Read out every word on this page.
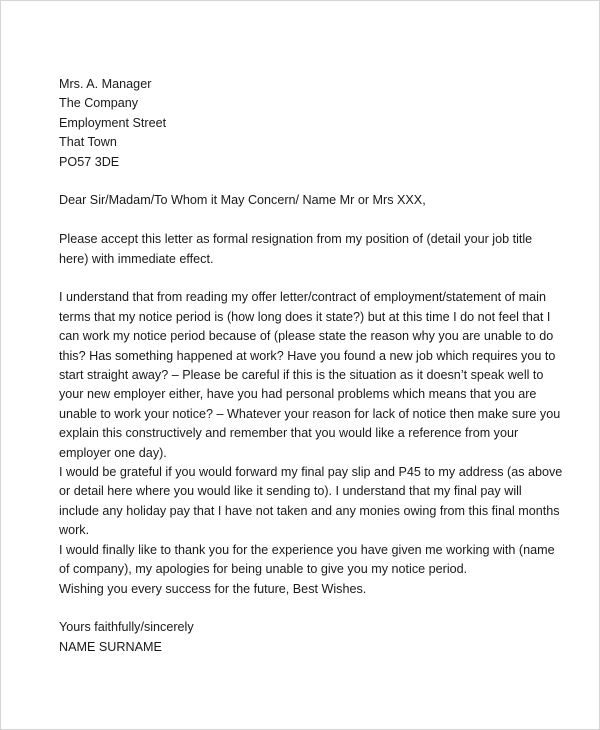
Mrs. A. Manager
The Company
Employment Street
That Town
PO57 3DE
Dear Sir/Madam/To Whom it May Concern/ Name Mr or Mrs XXX,
Please accept this letter as formal resignation from my position of (detail your job title
here) with immediate effect.
I understand that from reading my offer letter/contract of employment/statement of main
terms that my notice period is (how long does it state?) but at this time I do not feel that I
can work my notice period because of (please state the reason why you are unable to do
this? Has something happened at work? Have you found a new job which requires you to
start straight away? – Please be careful if this is the situation as it doesn’t speak well to
your new employer either, have you had personal problems which means that you are
unable to work your notice? – Whatever your reason for lack of notice then make sure you
explain this constructively and remember that you would like a reference from your
employer one day).
I would be grateful if you would forward my final pay slip and P45 to my address (as above
or detail here where you would like it sending to). I understand that my final pay will
include any holiday pay that I have not taken and any monies owing from this final months
work.
I would finally like to thank you for the experience you have given me working with (name
of company), my apologies for being unable to give you my notice period.
Wishing you every success for the future, Best Wishes.
Yours faithfully/sincerely
NAME SURNAME
